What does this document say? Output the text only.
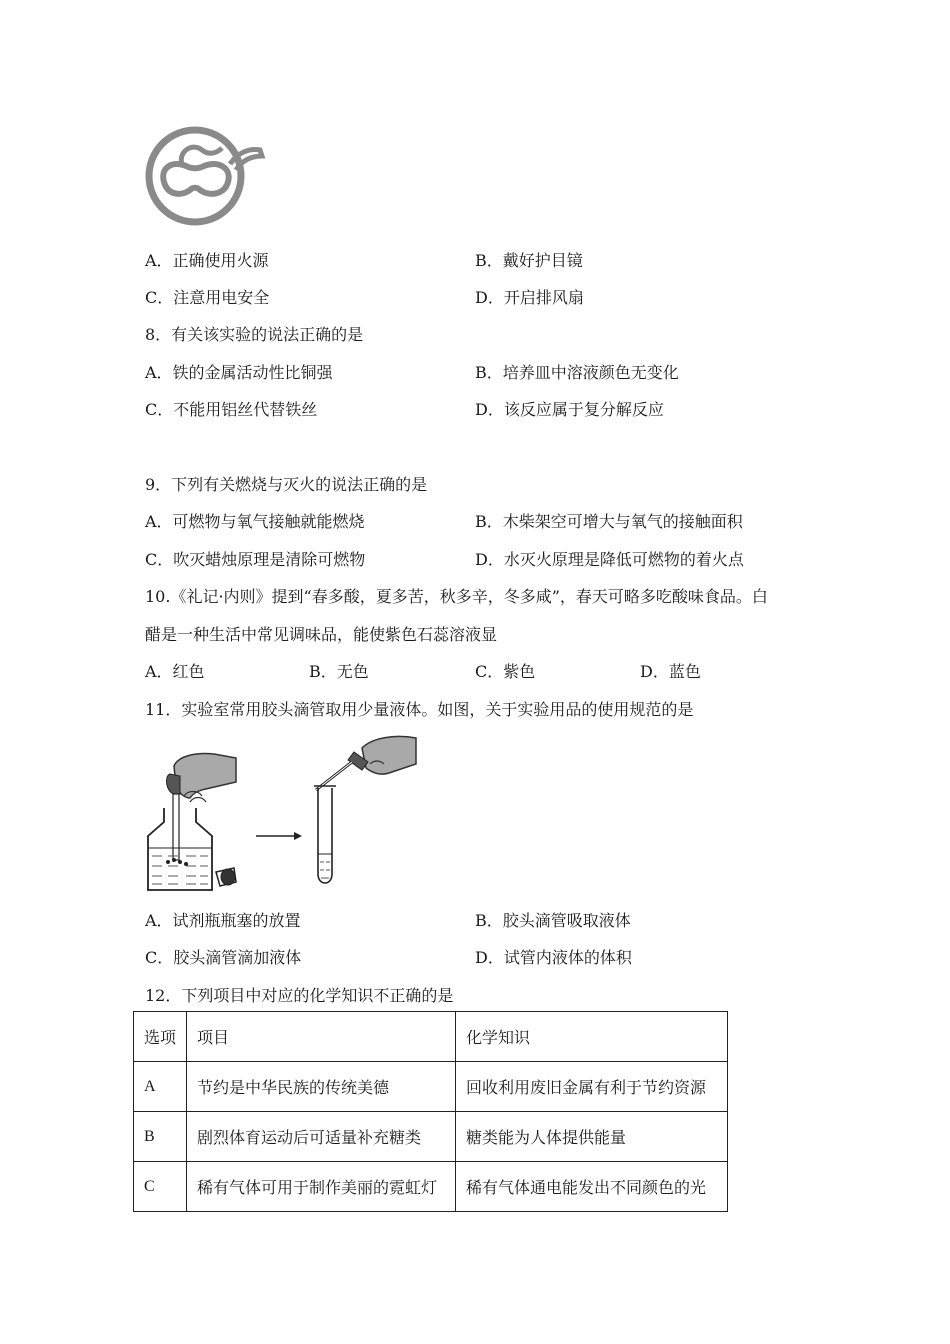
A．正确使用火源	B．戴好护目镜
C．注意用电安全	D．开启排风扇
8．有关该实验的说法正确的是
A．铁的金属活动性比铜强	B．培养皿中溶液颜色无变化
C．不能用铝丝代替铁丝	D．该反应属于复分解反应
9．下列有关燃烧与灭火的说法正确的是
A．可燃物与氧气接触就能燃烧	B．木柴架空可增大与氧气的接触面积
C．吹灭蜡烛原理是清除可燃物	D．水灭火原理是降低可燃物的着火点
10.《礼记·内则》提到“春多酸，夏多苦，秋多辛，冬多咸”，春天可略多吃酸味食品。白
醋是一种生活中常见调味品，能使紫色石蕊溶液显
A．红色	B．无色	C．紫色	D．蓝色
11．实验室常用胶头滴管取用少量液体。如图，关于实验用品的使用规范的是
A．试剂瓶瓶塞的放置	B．胶头滴管吸取液体
C．胶头滴管滴加液体	D．试管内液体的体积
12．下列项目中对应的化学知识不正确的是
选项	项目	化学知识
A	节约是中华民族的传统美德	回收利用废旧金属有利于节约资源
B	剧烈体育运动后可适量补充糖类	糖类能为人体提供能量
C	稀有气体可用于制作美丽的霓虹灯	稀有气体通电能发出不同颜色的光
